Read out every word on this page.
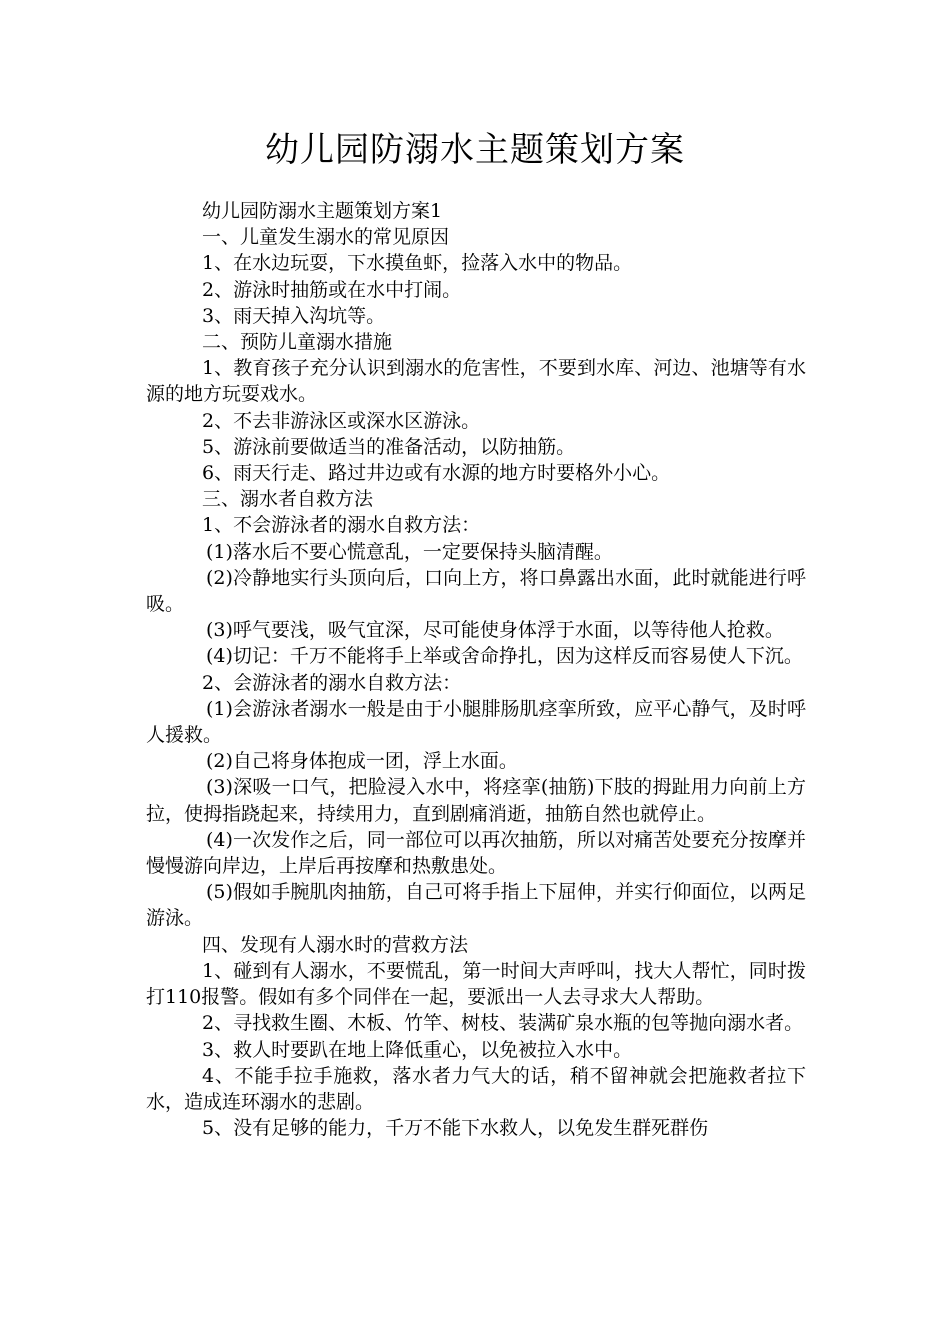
幼儿园防溺水主题策划方案

幼儿园防溺水主题策划方案1

一、儿童发生溺水的常见原因

1、在水边玩耍，下水摸鱼虾，捡落入水中的物品。

2、游泳时抽筋或在水中打闹。

3、雨天掉入沟坑等。

二、预防儿童溺水措施

1、教育孩子充分认识到溺水的危害性，不要到水库、河边、池塘等有水源的地方玩耍戏水。

2、不去非游泳区或深水区游泳。

5、游泳前要做适当的准备活动，以防抽筋。

6、雨天行走、路过井边或有水源的地方时要格外小心。

三、溺水者自救方法

1、不会游泳者的溺水自救方法：

(1)落水后不要心慌意乱，一定要保持头脑清醒。

(2)冷静地实行头顶向后，口向上方，将口鼻露出水面，此时就能进行呼吸。

(3)呼气要浅，吸气宜深，尽可能使身体浮于水面，以等待他人抢救。

(4)切记：千万不能将手上举或舍命挣扎，因为这样反而容易使人下沉。

2、会游泳者的溺水自救方法：

(1)会游泳者溺水一般是由于小腿腓肠肌痉挛所致，应平心静气，及时呼人援救。

(2)自己将身体抱成一团，浮上水面。

(3)深吸一口气，把脸浸入水中，将痉挛(抽筋)下肢的拇趾用力向前上方拉，使拇指跷起来，持续用力，直到剧痛消逝，抽筋自然也就停止。

(4)一次发作之后，同一部位可以再次抽筋，所以对痛苦处要充分按摩并慢慢游向岸边，上岸后再按摩和热敷患处。

(5)假如手腕肌肉抽筋，自己可将手指上下屈伸，并实行仰面位，以两足游泳。

四、发现有人溺水时的营救方法

1、碰到有人溺水，不要慌乱，第一时间大声呼叫，找大人帮忙，同时拨打110报警。假如有多个同伴在一起，要派出一人去寻求大人帮助。

2、寻找救生圈、木板、竹竿、树枝、装满矿泉水瓶的包等抛向溺水者。

3、救人时要趴在地上降低重心，以免被拉入水中。

4、不能手拉手施救，落水者力气大的话，稍不留神就会把施救者拉下水，造成连环溺水的悲剧。

5、没有足够的能力，千万不能下水救人，以免发生群死群伤
